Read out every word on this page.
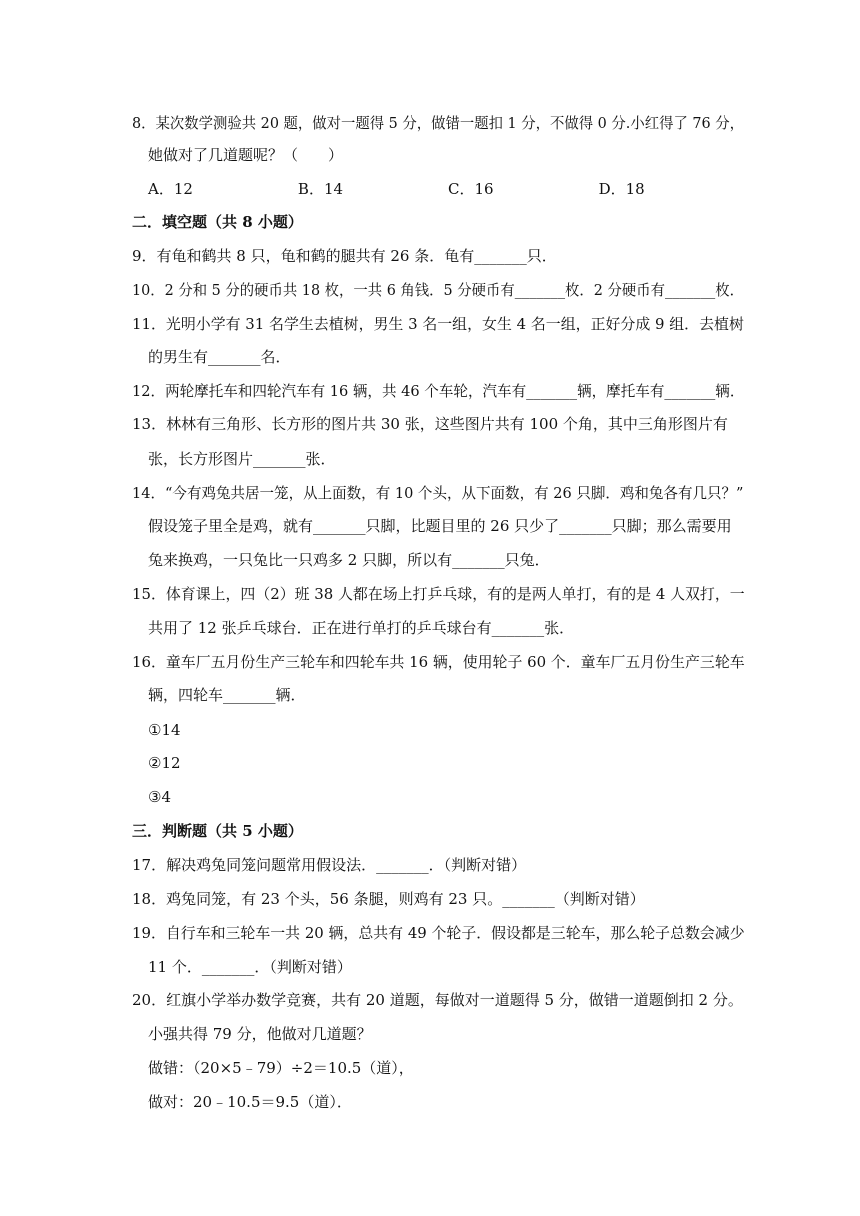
8．某次数学测验共 20 题，做对一题得 5 分，做错一题扣 1 分，不做得 0 分.小红得了 76 分，
她做对了几道题呢？（　　）
A．12　　　　　　　B．14　　　　　　　C．16　　　　　　　D．18
二．填空题（共 8 小题）
9．有龟和鹤共 8 只，龟和鹤的腿共有 26 条．龟有_______只．
10．2 分和 5 分的硬币共 18 枚，一共 6 角钱．5 分硬币有_______枚．2 分硬币有_______枚．
11．光明小学有 31 名学生去植树，男生 3 名一组，女生 4 名一组，正好分成 9 组．去植树
的男生有_______名．
12．两轮摩托车和四轮汽车有 16 辆，共 46 个车轮，汽车有_______辆，摩托车有_______辆．
13．林林有三角形、长方形的图片共 30 张，这些图片共有 100 个角，其中三角形图片有
张，长方形图片_______张．
14．“今有鸡兔共居一笼，从上面数，有 10 个头，从下面数，有 26 只脚．鸡和兔各有几只？”
假设笼子里全是鸡，就有_______只脚，比题目里的 26 只少了_______只脚；那么需要用
兔来换鸡，一只兔比一只鸡多 2 只脚，所以有_______只兔．
15．体育课上，四（2）班 38 人都在场上打乒乓球，有的是两人单打，有的是 4 人双打，一
共用了 12 张乒乓球台．正在进行单打的乒乓球台有_______张．
16．童车厂五月份生产三轮车和四轮车共 16 辆，使用轮子 60 个．童车厂五月份生产三轮车
辆，四轮车_______辆．
①14
②12
③4
三．判断题（共 5 小题）
17．解决鸡兔同笼问题常用假设法．_______．（判断对错）
18．鸡兔同笼，有 23 个头，56 条腿，则鸡有 23 只。_______（判断对错）
19．自行车和三轮车一共 20 辆，总共有 49 个轮子．假设都是三轮车，那么轮子总数会减少
11 个．_______．（判断对错）
20．红旗小学举办数学竞赛，共有 20 道题，每做对一道题得 5 分，做错一道题倒扣 2 分。
小强共得 79 分，他做对几道题？
做错：（20×5﹣79）÷2＝10.5（道），
做对：20﹣10.5＝9.5（道）．
